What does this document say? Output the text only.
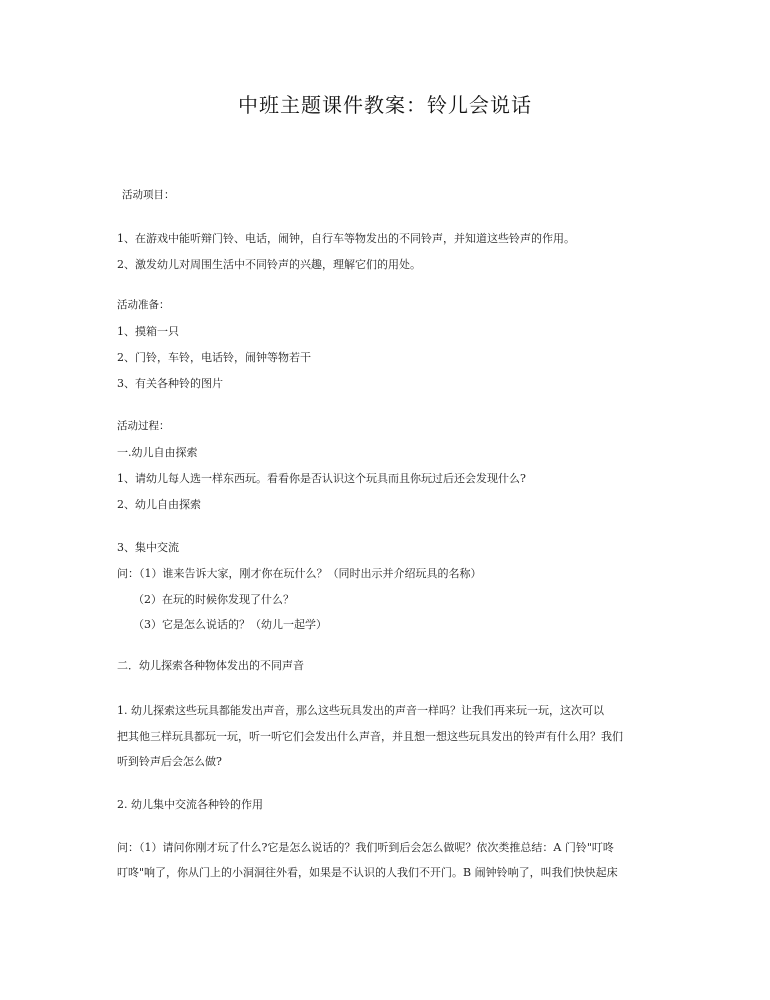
中班主题课件教案：铃儿会说话
活动项目：
1、在游戏中能听辩门铃、电话，闹钟，自行车等物发出的不同铃声，并知道这些铃声的作用。
2、激发幼儿对周围生活中不同铃声的兴趣，理解它们的用处。
活动准备：
1、摸箱一只
2、门铃，车铃，电话铃，闹钟等物若干
3、有关各种铃的图片
活动过程：
一.幼儿自由探索
1、请幼儿每人选一样东西玩。看看你是否认识这个玩具而且你玩过后还会发现什么?
2、幼儿自由探索
3、集中交流
问：（1）谁来告诉大家，刚才你在玩什么？（同时出示并介绍玩具的名称）
（2）在玩的时候你发现了什么？
（3）它是怎么说话的？（幼儿一起学）
二．幼儿探索各种物体发出的不同声音
1. 幼儿探索这些玩具都能发出声音，那么这些玩具发出的声音一样吗？让我们再来玩一玩，这次可以
把其他三样玩具都玩一玩，听一听它们会发出什么声音，并且想一想这些玩具发出的铃声有什么用？我们
听到铃声后会怎么做?
2. 幼儿集中交流各种铃的作用
问：（1）请问你刚才玩了什么?它是怎么说话的？我们听到后会怎么做呢？依次类推总结：A 门铃"叮咚
叮咚"响了，你从门上的小洞洞往外看，如果是不认识的人我们不开门。B 闹钟铃响了，叫我们快快起床
